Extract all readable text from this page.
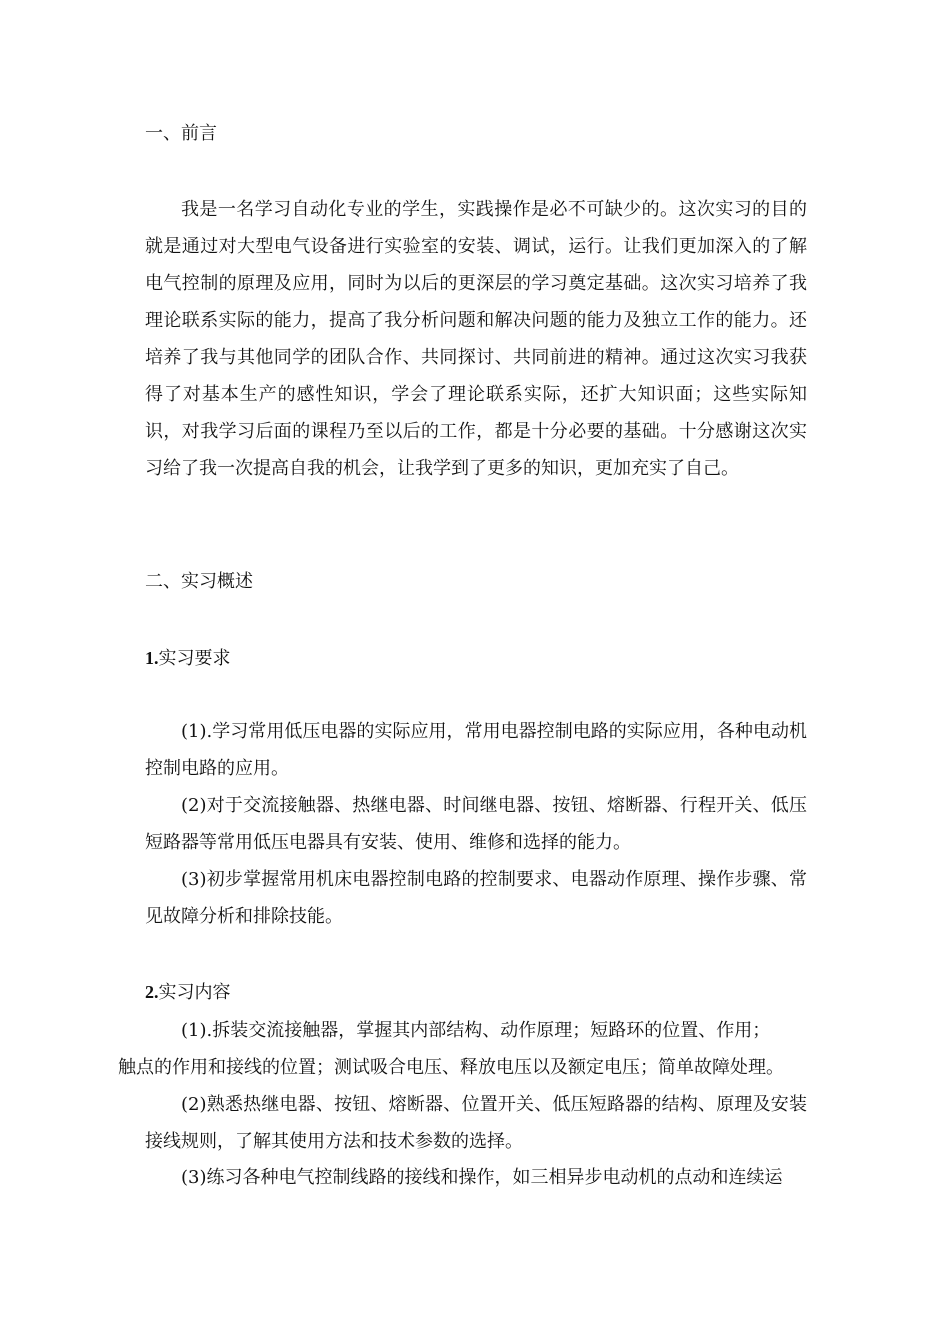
一、前言

我是一名学习自动化专业的学生，实践操作是必不可缺少的。这次实习的目的就是通过对大型电气设备进行实验室的安装、调试，运行。让我们更加深入的了解电气控制的原理及应用，同时为以后的更深层的学习奠定基础。这次实习培养了我理论联系实际的能力，提高了我分析问题和解决问题的能力及独立工作的能力。还培养了我与其他同学的团队合作、共同探讨、共同前进的精神。通过这次实习我获得了对基本生产的感性知识，学会了理论联系实际，还扩大知识面；这些实际知识，对我学习后面的课程乃至以后的工作，都是十分必要的基础。十分感谢这次实习给了我一次提高自我的机会，让我学到了更多的知识，更加充实了自己。

二、实习概述
1.实习要求

(1).学习常用低压电器的实际应用，常用电器控制电路的实际应用，各种电动机控制电路的应用。

(2)对于交流接触器、热继电器、时间继电器、按钮、熔断器、行程开关、低压短路器等常用低压电器具有安装、使用、维修和选择的能力。

(3)初步掌握常用机床电器控制电路的控制要求、电器动作原理、操作步骤、常见故障分析和排除技能。

2.实习内容
(1).拆装交流接触器，掌握其内部结构、动作原理；短路环的位置、作用；
触点的作用和接线的位置；测试吸合电压、释放电压以及额定电压；简单故障处理。

(2)熟悉热继电器、按钮、熔断器、位置开关、低压短路器的结构、原理及安装接线规则，了解其使用方法和技术参数的选择。

(3)练习各种电气控制线路的接线和操作，如三相异步电动机的点动和连续运
